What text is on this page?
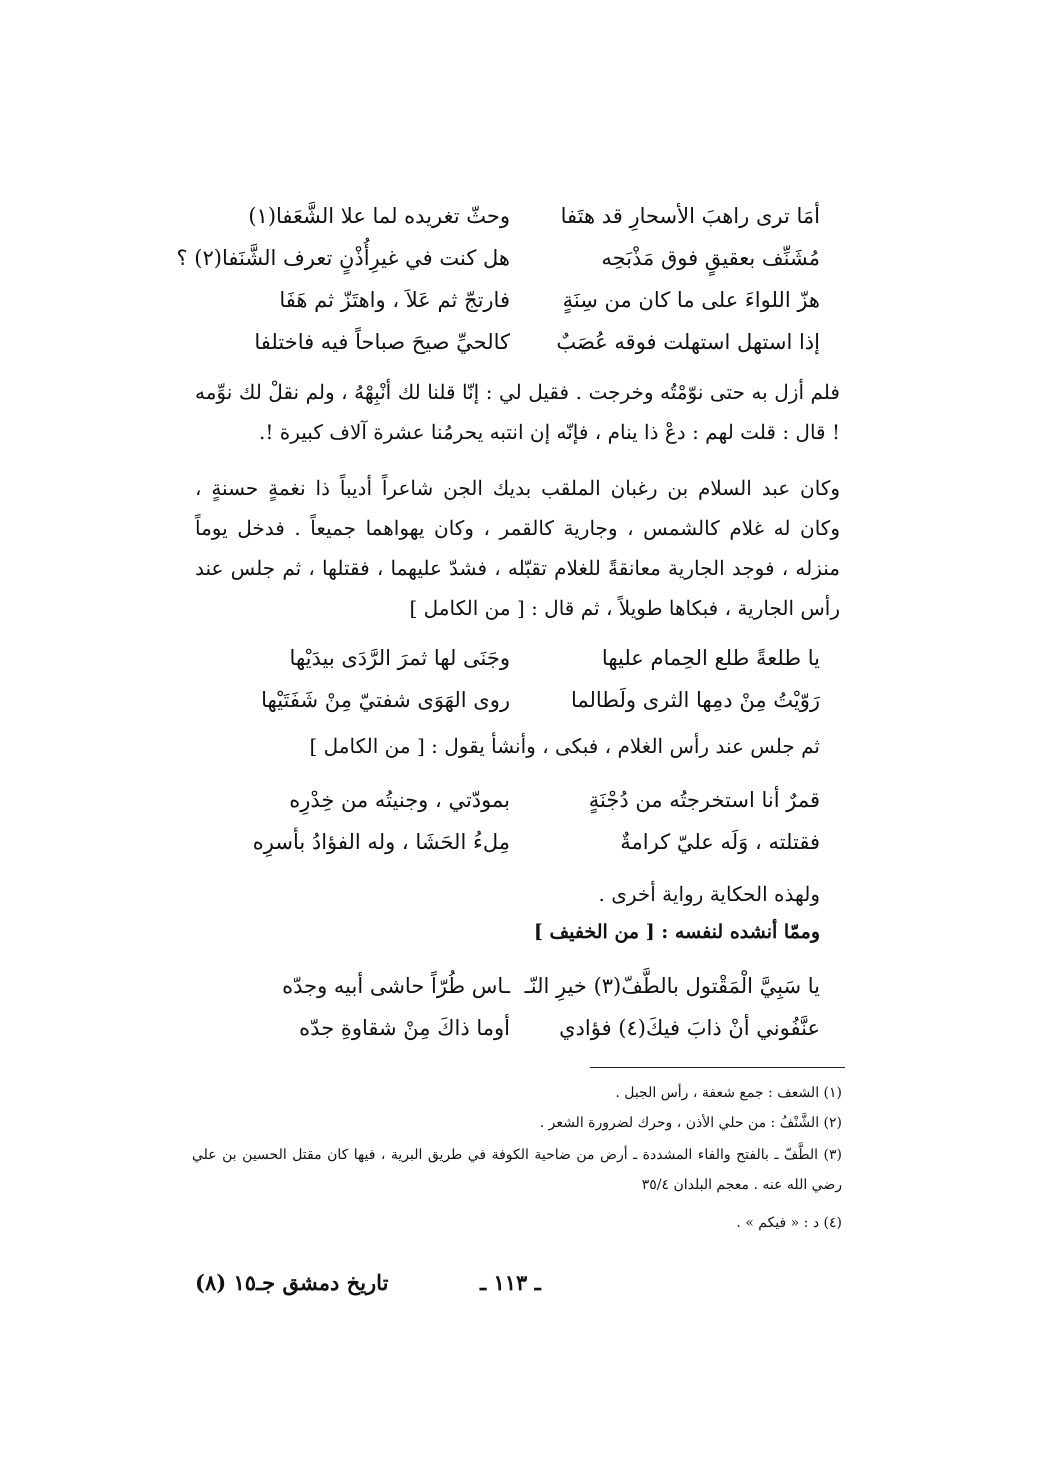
أمَا ترى راهبَ الأسحارِ قد هتَفا
وحثّ تغريده لما علا الشَّعَفا(١)
مُشَنِّف بعقيقٍ فوق مَذْبَحِه
هل كنت في غيرِأُذْنٍ تعرف الشَّنَفا(٢) ؟
هزّ اللواءَ على ما كان من سِنَةٍ
فارتجّ ثم عَلاَ ، واهتَزّ ثم هَفَا
إذا استهل استهلت فوقه عُصَبٌ
كالحيِّ صيحَ صباحاً فيه فاختلفا
فلم أزل به حتى نوّمْتُه وخرجت . فقيل لي : إنّا قلنا لك أنْبِهْهُ ، ولم نقلْ لك نوِّمه ! قال : قلت لهم : دعْ ذا ينام ، فإنّه إن انتبه يحرمُنا عشرة آلاف كبيرة !.
وكان عبد السلام بن رغبان الملقب بديك الجن شاعراً أديباً ذا نغمةٍ حسنةٍ ، وكان له غلام كالشمس ، وجارية كالقمر ، وكان يهواهما جميعاً . فدخل يوماً منزله ، فوجد الجارية معانقةً للغلام تقبّله ، فشدّ عليهما ، فقتلها ، ثم جلس عند رأس الجارية ، فبكاها طويلاً ، ثم قال : [ من الكامل ]
يا طلعةً طلع الحِمام عليها
وجَنَى لها ثمرَ الرَّدَى بيدَيْها
رَوّيْتُ مِنْ دمِها الثرى ولَطالما
روى الهَوَى شفتيّ مِنْ شَفَتَيْها
ثم جلس عند رأس الغلام ، فبكى ، وأنشأ يقول : [ من الكامل ]
قمرٌ أنا استخرجتُه من دُجْنَةٍ
بمودّتي ، وجنيتُه من خِدْرِه
فقتلته ، وَلَه عليّ كرامةٌ
مِلءُ الحَشَا ، وله الفؤادُ بأسرِه
ولهذه الحكاية رواية أخرى .
وممّا أنشده لنفسه : [ من الخفيف ]
يا سَبِيَّ الْمَقْتول بالطَّفّ(٣) خيرِ النّـ
ـاس طُرّاً حاشى أبيه وجدّه
عنَّفُوني أنْ ذابَ فيكَ(٤) فؤادي
أوما ذاكَ مِنْ شقاوةِ جدّه
(١) الشعف : جمع شعفة ، رأس الجبل .
(٢) الشَّنْفُ : من حلي الأذن ، وحرك لضرورة الشعر .
(٣) الطَّفّ ـ بالفتح والفاء المشددة ـ أرض من ضاحية الكوفة في طريق البرية ، فيها كان مقتل الحسين بن علي رضي الله عنه . معجم البلدان ٣٥/٤
(٤) د : « فيكم » .
تاريخ دمشق جـ١٥ (٨)	ـ ١١٣ ـ
